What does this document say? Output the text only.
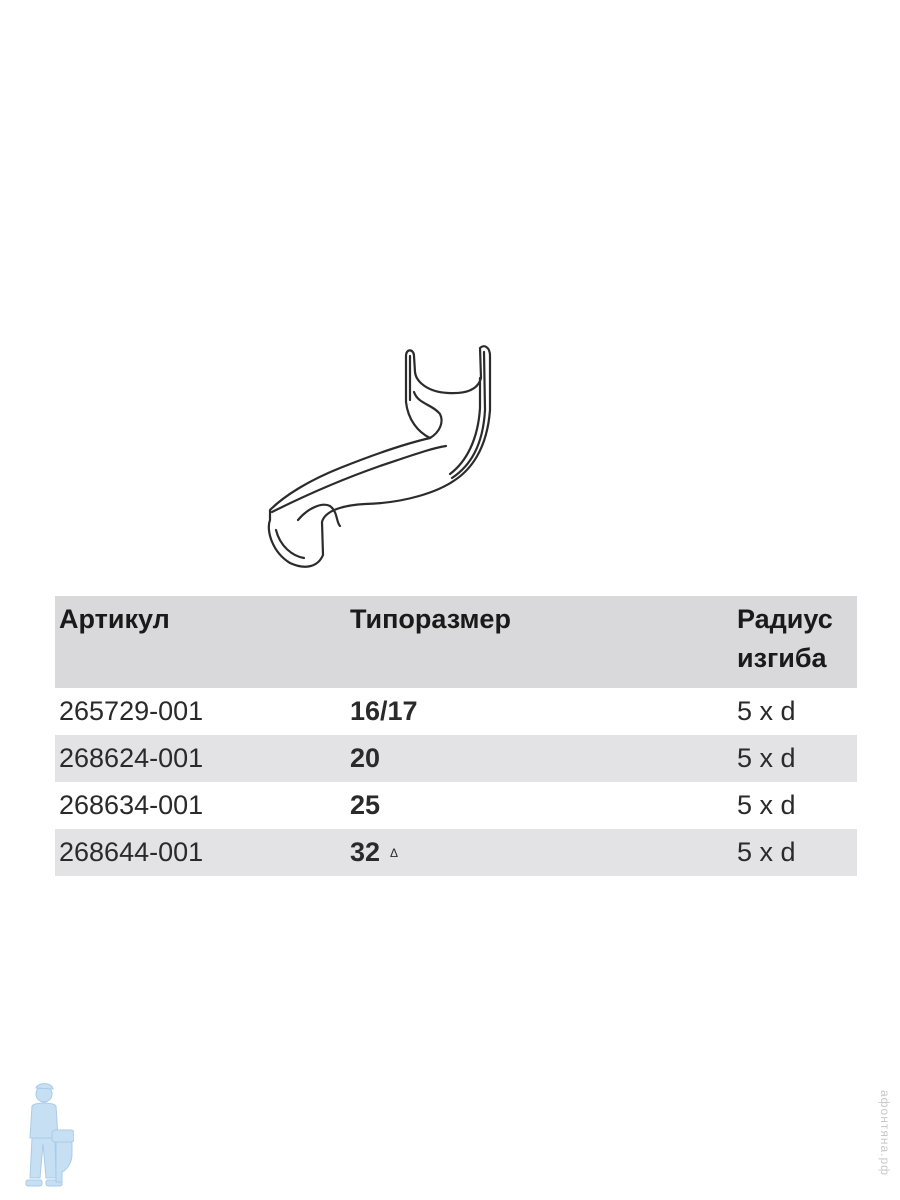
Артикул	Типоразмер	Радиус изгиба
265729-001	16/17	5 x d
268624-001	20	5 x d
268634-001	25	5 x d
268644-001	32 Δ	5 x d
афонтяна.рф
